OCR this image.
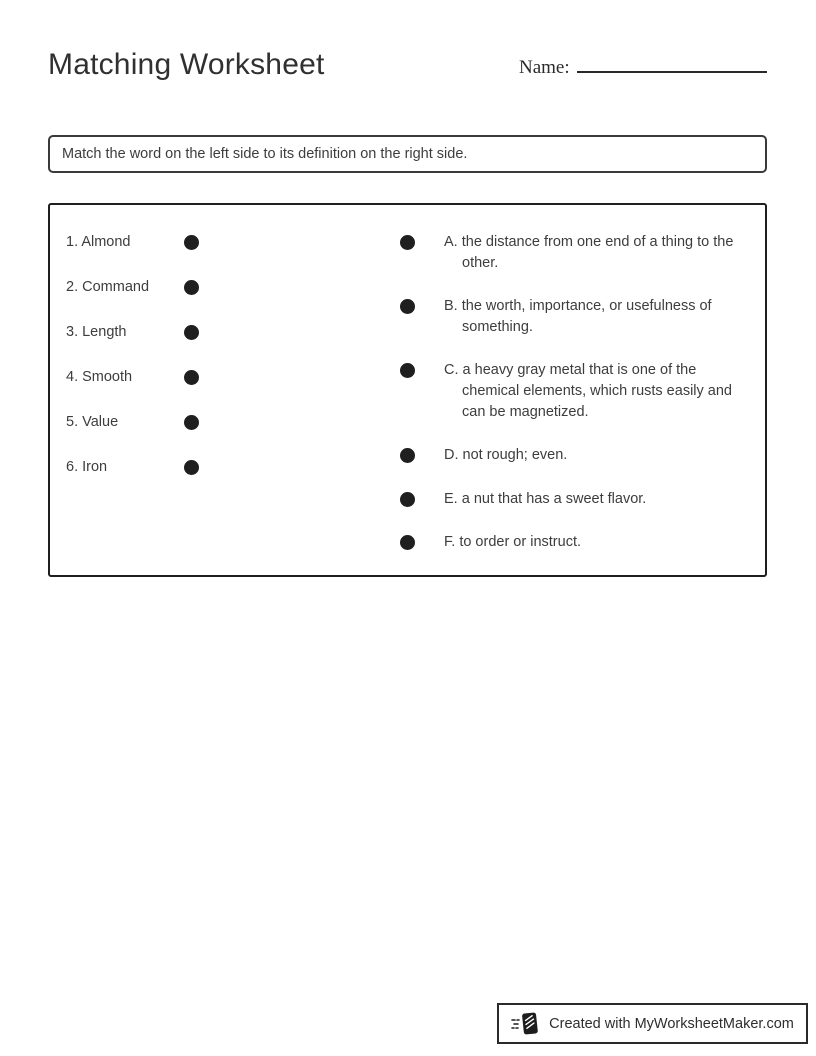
Matching Worksheet	Name:
Match the word on the left side to its definition on the right side.
1. Almond
2. Command
3. Length
4. Smooth
5. Value
6. Iron
A. the distance from one end of a thing to the other.
B. the worth, importance, or usefulness of something.
C. a heavy gray metal that is one of the chemical elements, which rusts easily and can be magnetized.
D. not rough; even.
E. a nut that has a sweet flavor.
F. to order or instruct.
Created with MyWorksheetMaker.com
